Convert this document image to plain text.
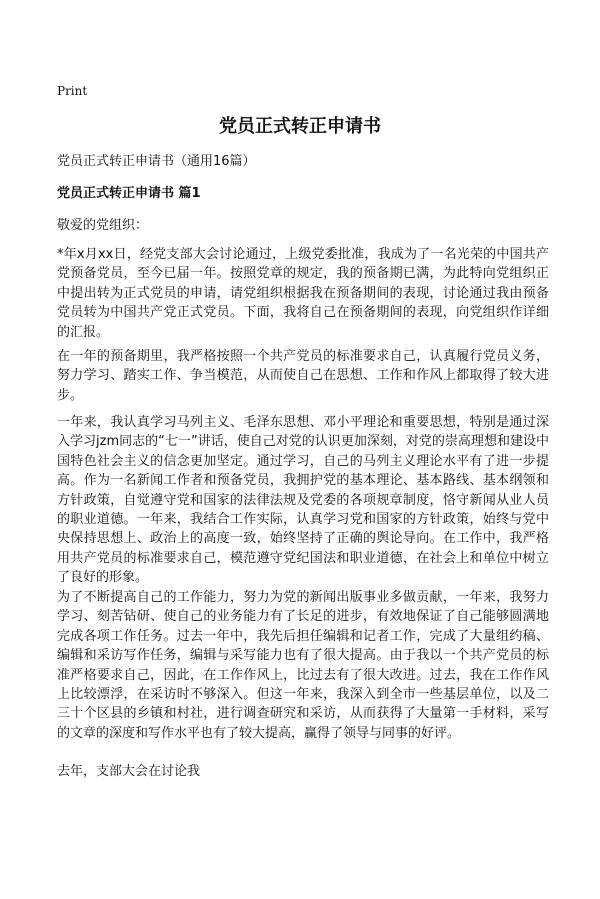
Print
党员正式转正申请书
党员正式转正申请书（通用16篇）
党员正式转正申请书 篇1
敬爱的党组织：

*年x月xx日，经党支部大会讨论通过，上级党委批准，我成为了一名光荣的中国共产党预备党员，至今已届一年。按照党章的规定，我的预备期已满，为此特向党组织正中提出转为正式党员的申请，请党组织根据我在预备期间的表现，讨论通过我由预备党员转为中国共产党正式党员。下面，我将自己在预备期间的表现，向党组织作详细的汇报。

在一年的预备期里，我严格按照一个共产党员的标准要求自己，认真履行党员义务，努力学习、踏实工作、争当模范，从而使自己在思想、工作和作风上都取得了较大进步。

一年来，我认真学习马列主义、毛泽东思想、邓小平理论和重要思想，特别是通过深入学习jzm同志的“七一”讲话，使自己对党的认识更加深刻，对党的崇高理想和建设中国特色社会主义的信念更加坚定。通过学习，自己的马列主义理论水平有了进一步提高。作为一名新闻工作者和预备党员，我拥护党的基本理论、基本路线、基本纲领和方针政策，自觉遵守党和国家的法律法规及党委的各项规章制度，恪守新闻从业人员的职业道德。一年来，我结合工作实际，认真学习党和国家的方针政策，始终与党中央保持思想上、政治上的高度一致，始终坚持了正确的舆论导向。在工作中，我严格用共产党员的标准要求自己，模范遵守党纪国法和职业道德，在社会上和单位中树立了良好的形象。

为了不断提高自己的工作能力，努力为党的新闻出版事业多做贡献，一年来，我努力学习、刻苦钻研、使自己的业务能力有了长足的进步，有效地保证了自己能够圆满地完成各项工作任务。过去一年中，我先后担任编辑和记者工作，完成了大量组约稿、编辑和采访写作任务，编辑与采写能力也有了很大提高。由于我以一个共产党员的标准严格要求自己，因此，在工作作风上，比过去有了很大改进。过去，我在工作作风上比较漂浮，在采访时不够深入。但这一年来，我深入到全市一些基层单位，以及二三十个区县的乡镇和村社，进行调查研究和采访，从而获得了大量第一手材料，采写的文章的深度和写作水平也有了较大提高，赢得了领导与同事的好评。

去年，支部大会在讨论我
